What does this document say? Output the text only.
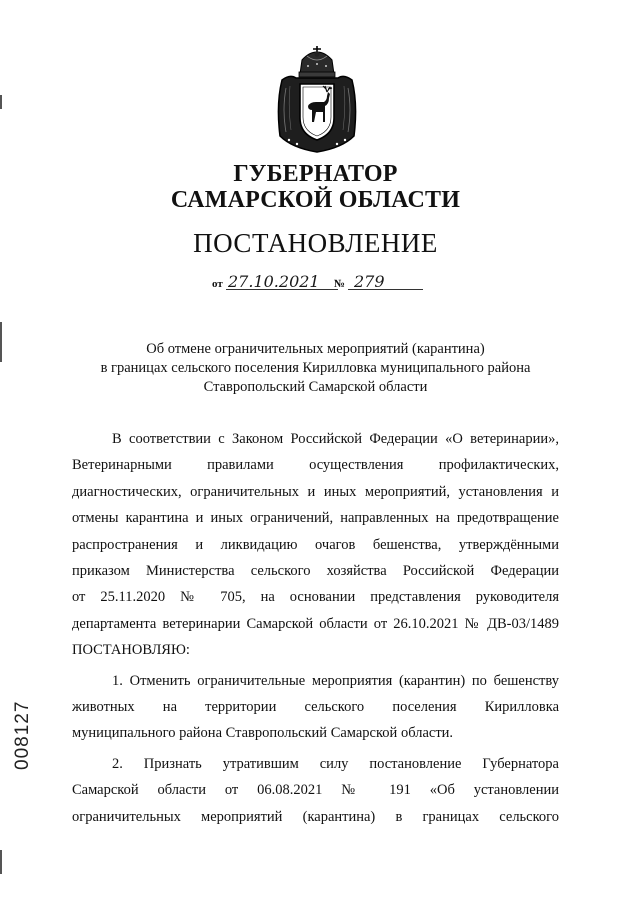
ГУБЕРНАТОР
САМАРСКОЙ ОБЛАСТИ
ПОСТАНОВЛЕНИЕ
от 27.10.2021 № 279
Об отмене ограничительных мероприятий (карантина)
в границах сельского поселения Кирилловка муниципального района
Ставропольский Самарской области
В соответствии с Законом Российской Федерации «О ветеринарии»,
Ветеринарными правилами осуществления профилактических,
диагностических, ограничительных и иных мероприятий, установления и
отмены карантина и иных ограничений, направленных на предотвращение
распространения и ликвидацию очагов бешенства, утверждёнными
приказом Министерства сельского хозяйства Российской Федерации
от 25.11.2020 № 705, на основании представления руководителя
департамента ветеринарии Самарской области от 26.10.2021 № ДВ-03/1489
ПОСТАНОВЛЯЮ:
1. Отменить ограничительные мероприятия (карантин) по бешенству
животных на территории сельского поселения Кирилловка
муниципального района Ставропольский Самарской области.
2. Признать утратившим силу постановление Губернатора
Самарской области от 06.08.2021 № 191 «Об установлении
ограничительных мероприятий (карантина) в границах сельского
008127
